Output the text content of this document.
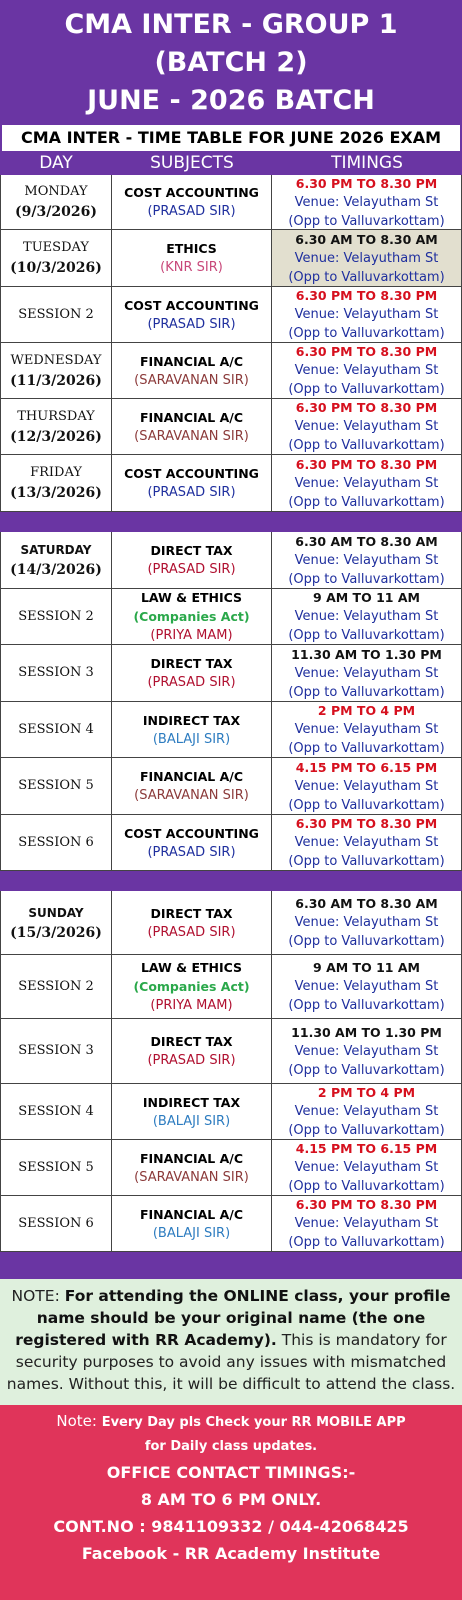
CMA INTER - GROUP 1
(BATCH 2)
JUNE - 2026 BATCH
CMA INTER - TIME TABLE FOR JUNE 2026 EXAM
DAY	SUBJECTS	TIMINGS
MONDAY
(9/3/2026)
COST ACCOUNTING
(PRASAD SIR)
6.30 PM TO 8.30 PM
Venue: Velayutham St
(Opp to Valluvarkottam)
TUESDAY
(10/3/2026)
ETHICS
(KNR SIR)
6.30 AM TO 8.30 AM
Venue: Velayutham St
(Opp to Valluvarkottam)
SESSION 2
COST ACCOUNTING
(PRASAD SIR)
6.30 PM TO 8.30 PM
Venue: Velayutham St
(Opp to Valluvarkottam)
WEDNESDAY
(11/3/2026)
FINANCIAL A/C
(SARAVANAN SIR)
6.30 PM TO 8.30 PM
Venue: Velayutham St
(Opp to Valluvarkottam)
THURSDAY
(12/3/2026)
FINANCIAL A/C
(SARAVANAN SIR)
6.30 PM TO 8.30 PM
Venue: Velayutham St
(Opp to Valluvarkottam)
FRIDAY
(13/3/2026)
COST ACCOUNTING
(PRASAD SIR)
6.30 PM TO 8.30 PM
Venue: Velayutham St
(Opp to Valluvarkottam)
SATURDAY
(14/3/2026)
DIRECT TAX
(PRASAD SIR)
6.30 AM TO 8.30 AM
Venue: Velayutham St
(Opp to Valluvarkottam)
SESSION 2
LAW & ETHICS
(Companies Act)
(PRIYA MAM)
9 AM TO 11 AM
Venue: Velayutham St
(Opp to Valluvarkottam)
SESSION 3
DIRECT TAX
(PRASAD SIR)
11.30 AM TO 1.30 PM
Venue: Velayutham St
(Opp to Valluvarkottam)
SESSION 4
INDIRECT TAX
(BALAJI SIR)
2 PM TO 4 PM
Venue: Velayutham St
(Opp to Valluvarkottam)
SESSION 5
FINANCIAL A/C
(SARAVANAN SIR)
4.15 PM TO 6.15 PM
Venue: Velayutham St
(Opp to Valluvarkottam)
SESSION 6
COST ACCOUNTING
(PRASAD SIR)
6.30 PM TO 8.30 PM
Venue: Velayutham St
(Opp to Valluvarkottam)
SUNDAY
(15/3/2026)
DIRECT TAX
(PRASAD SIR)
6.30 AM TO 8.30 AM
Venue: Velayutham St
(Opp to Valluvarkottam)
SESSION 2
LAW & ETHICS
(Companies Act)
(PRIYA MAM)
9 AM TO 11 AM
Venue: Velayutham St
(Opp to Valluvarkottam)
SESSION 3
DIRECT TAX
(PRASAD SIR)
11.30 AM TO 1.30 PM
Venue: Velayutham St
(Opp to Valluvarkottam)
SESSION 4
INDIRECT TAX
(BALAJI SIR)
2 PM TO 4 PM
Venue: Velayutham St
(Opp to Valluvarkottam)
SESSION 5
FINANCIAL A/C
(SARAVANAN SIR)
4.15 PM TO 6.15 PM
Venue: Velayutham St
(Opp to Valluvarkottam)
SESSION 6
FINANCIAL A/C
(BALAJI SIR)
6.30 PM TO 8.30 PM
Venue: Velayutham St
(Opp to Valluvarkottam)
NOTE: For attending the ONLINE class, your profile name should be your original name (the one registered with RR Academy). This is mandatory for security purposes to avoid any issues with mismatched names. Without this, it will be difficult to attend the class.
Note: Every Day pls Check your RR MOBILE APP
for Daily class updates.
OFFICE CONTACT TIMINGS:-
8 AM TO 6 PM ONLY.
CONT.NO : 9841109332 / 044-42068425
Facebook - RR Academy Institute
